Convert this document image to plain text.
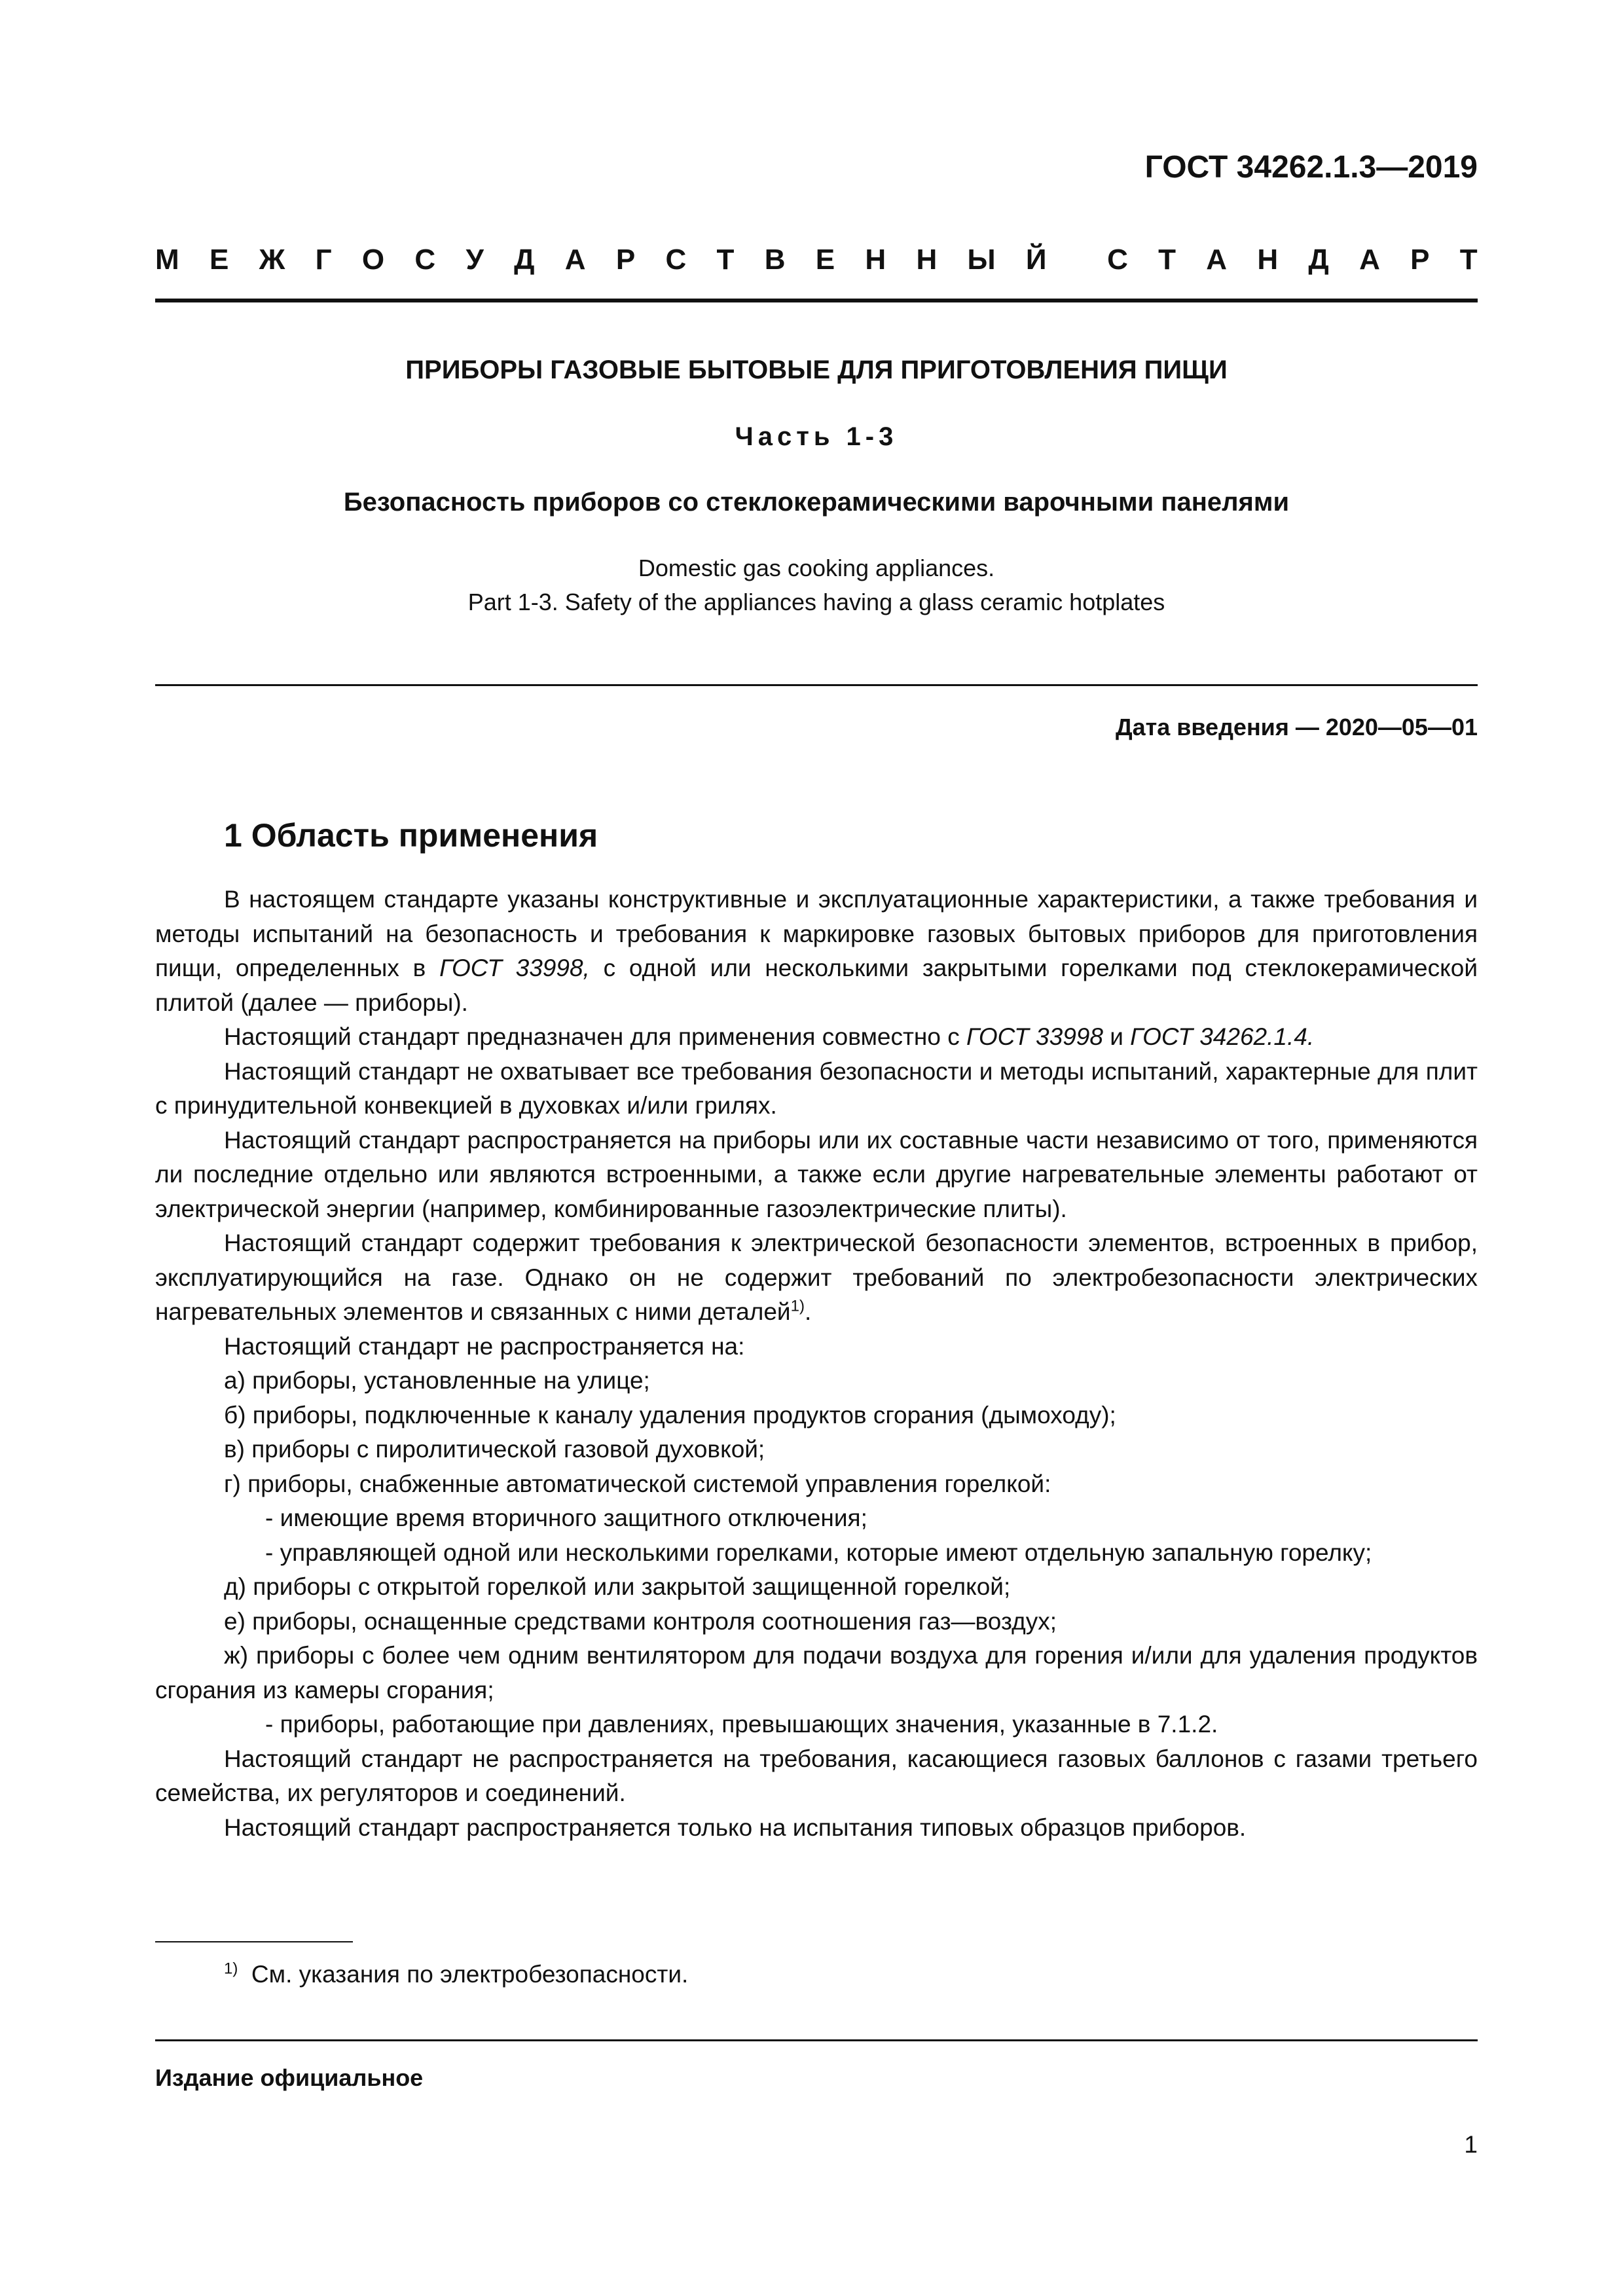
ГОСТ 34262.1.3—2019
М Е Ж Г О С У Д А Р С Т В Е Н Н Ы Й С Т А Н Д А Р Т
ПРИБОРЫ ГАЗОВЫЕ БЫТОВЫЕ ДЛЯ ПРИГОТОВЛЕНИЯ ПИЩИ
Часть 1-3
Безопасность приборов со стеклокерамическими варочными панелями
Domestic gas cooking appliances.
Part 1-3. Safety of the appliances having a glass ceramic hotplates
Дата введения — 2020—05—01
1 Область применения

В настоящем стандарте указаны конструктивные и эксплуатационные характеристики, а также требования и методы испытаний на безопасность и требования к маркировке газовых бытовых приборов для приготовления пищи, определенных в ГОСТ 33998, с одной или несколькими закрытыми горелками под стеклокерамической плитой (далее — приборы).

Настоящий стандарт предназначен для применения совместно с ГОСТ 33998 и ГОСТ 34262.1.4.

Настоящий стандарт не охватывает все требования безопасности и методы испытаний, характерные для плит с принудительной конвекцией в духовках и/или грилях.

Настоящий стандарт распространяется на приборы или их составные части независимо от того, применяются ли последние отдельно или являются встроенными, а также если другие нагревательные элементы работают от электрической энергии (например, комбинированные газоэлектрические плиты).

Настоящий стандарт содержит требования к электрической безопасности элементов, встроенных в прибор, эксплуатирующийся на газе. Однако он не содержит требований по электробезопасности электрических нагревательных элементов и связанных с ними деталей$^{1)}$.

Настоящий стандарт не распространяется на:

а) приборы, установленные на улице;

б) приборы, подключенные к каналу удаления продуктов сгорания (дымоходу);

в) приборы с пиролитической газовой духовкой;

г) приборы, снабженные автоматической системой управления горелкой:

- имеющие время вторичного защитного отключения;

- управляющей одной или несколькими горелками, которые имеют отдельную запальную горелку;

д) приборы с открытой горелкой или закрытой защищенной горелкой;

е) приборы, оснащенные средствами контроля соотношения газ—воздух;

ж) приборы с более чем одним вентилятором для подачи воздуха для горения и/или для удаления продуктов сгорания из камеры сгорания;

- приборы, работающие при давлениях, превышающих значения, указанные в 7.1.2.

Настоящий стандарт не распространяется на требования, касающиеся газовых баллонов с газами третьего семейства, их регуляторов и соединений.

Настоящий стандарт распространяется только на испытания типовых образцов приборов.

$^{1)}$ См. указания по электробезопасности.
Издание официальное
1
